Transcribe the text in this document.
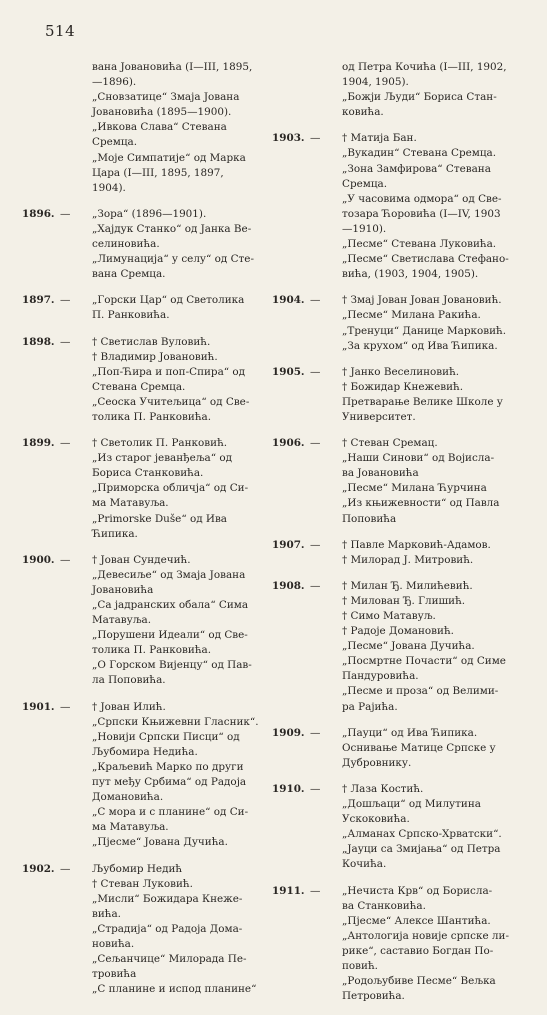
514
вана Јовановића (I—III, 1895,
—1896).
„Сновзатице“ Змаја Јована
Јовановића (1895—1900).
„Ивкова Слава“ Стевана
Сремца.
„Моје Симпатије“ од Марка
Цара (I—III, 1895, 1897, 1904).
1896. —	„Зора“ (1896—1901).
„Хајдук Станко“ од Јанка Ве-
селиновића.
„Лимунација“ у селу“ од Сте-
вана Сремца.
1897. —	„Горски Цар“ од Светолика
П. Ранковића.
1898. —	† Светислав Вуловић.
† Владимир Јовановић.
„Поп-Ћира и поп-Спира“ од
Стевана Сремца.
„Сеоска Учитељица“ од Све-
толика П. Ранковића.
1899. —	† Светолик П. Ранковић.
„Из старог јеванђеља“ од
Бориса Станковића.
„Приморска обличја“ од Си-
ма Матавуља.
„Primorske Duše“ од Ива Ћипика.
1900. —	† Јован Сундечић.
„Девесиље“ од Змаја Јована
Јовановића
„Са јадранских обала“ Сима
Матавуља.
„Порушени Идеали“ од Све-
толика П. Ранковића.
„О Горском Вијенцу“ од Пав-
ла Поповића.
1901. —	† Јован Илић.
„Српски Књижевни Гласник“.
„Новији Српски Писци“ од
Љубомира Недића.
„Краљевић Марко по други
пут међу Србима“ од Радоја
Домановића.
„С мора и с планине“ од Си-
ма Матавуља.
„Пјесме“ Јована Дучића.
1902. —	Љубомир Недић
† Стеван Луковић.
„Мисли“ Божидара Кнеже-
вића.
„Страдија“ од Радоја Дома-
новића.
„Сељанчице“ Милорада Пе-
тровића
„С планине и испод планине“
од Петра Кочића (I—III, 1902,
1904, 1905).
„Божји Људи“ Бориса Стан-
ковића.
1903. —	† Матија Бан.
„Вукадин“ Стевана Сремца.
„Зона Замфирова“ Стевана
Сремца.
„У часовима одмора“ од Све-
тозара Ћоровића (I—IV, 1903
—1910).
„Песме“ Стевана Луковића.
„Песме“ Светислава Стефано-
вића, (1903, 1904, 1905).
1904. —	† Змај Јован Јован Јовановић.
„Песме“ Милана Ракића.
„Тренуци“ Данице Марковић.
„За крухом“ од Ива Ћипика.
1905. —	† Јанко Веселиновић.
† Божидар Кнежевић.
Претварање Велике Школе у
Университет.
1906. —	† Стеван Сремац.
„Наши Синови“ од Војисла-
ва Јовановића
„Песме“ Милана Ћурчина
„Из књижевности“ од Павла
Поповића
1907. —	† Павле Марковић-Адамов.
† Милорад Ј. Митровић.
1908. —	† Милан Ђ. Милићевић.
† Милован Ђ. Глишић.
† Симо Матавуљ.
† Радоје Домановић.
„Песме“ Јована Дучића.
„Посмртне Почасти“ од Симе
Пандуровића.
„Песме и проза“ од Велими-
ра Рајића.
1909. —	„Пауци“ од Ива Ћипика.
Оснивање Матице Српске у
Дубровнику.
1910. —	† Лаза Костић.
„Дошљаци“ од Милутина Ускоковића.
„Алманах Српско-Хрватски“.
„Јауци са Змијања“ од Петра
Кочића.
1911. —	„Нечиста Крв“ од Борисла-
ва Станковића.
„Пјесме“ Алексе Шантића.
„Антологија новије српске ли-
рике“, саставио Богдан По-
повић.
„Родољубиве Песме“ Вељка
Петровића.
